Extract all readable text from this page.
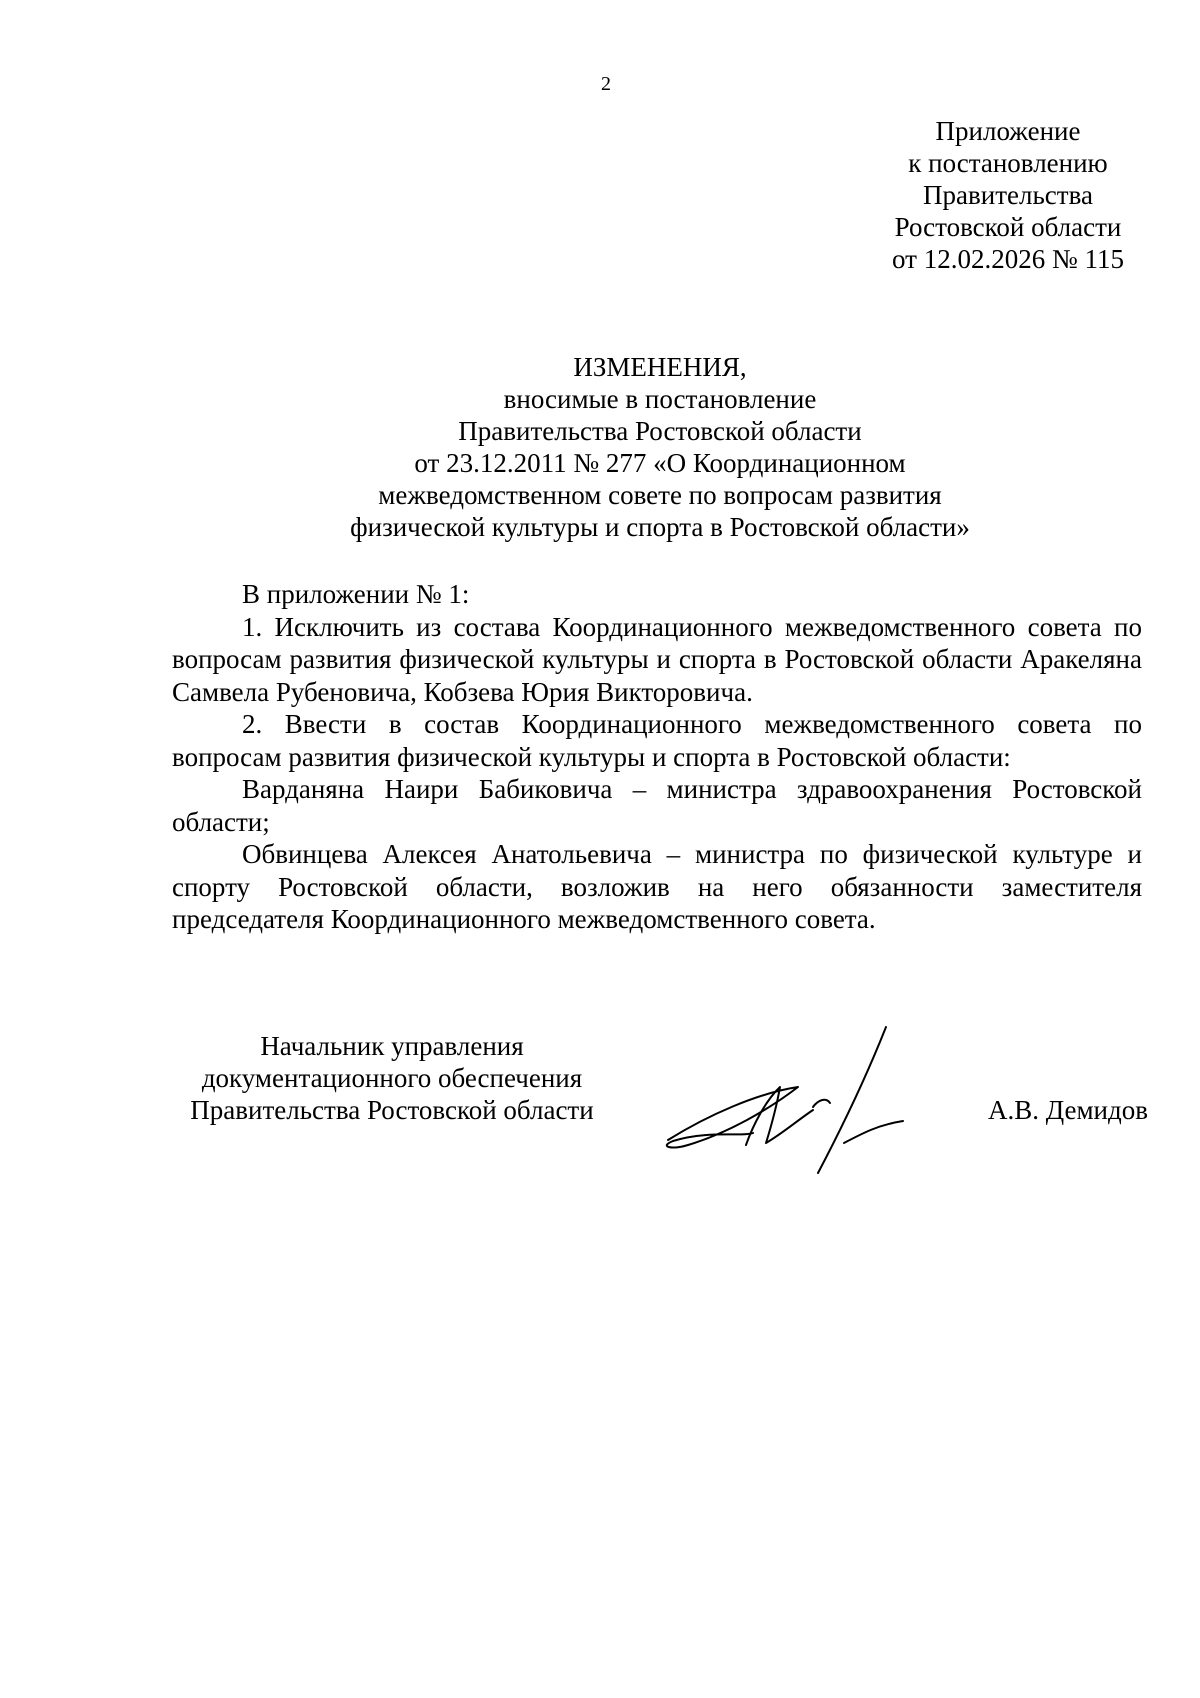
2

Приложение
к постановлению
Правительства
Ростовской области
от 12.02.2026 № 115
ИЗМЕНЕНИЯ,
вносимые в постановление
Правительства Ростовской области
от 23.12.2011 № 277 «О Координационном
межведомственном совете по вопросам развития
физической культуры и спорта в Ростовской области»

В приложении № 1:

1. Исключить из состава Координационного межведомственного совета по вопросам развития физической культуры и спорта в Ростовской области Аракеляна Самвела Рубеновича, Кобзева Юрия Викторовича.

2. Ввести в состав Координационного межведомственного совета по вопросам развития физической культуры и спорта в Ростовской области:

Варданяна Наири Бабиковича – министра здравоохранения Ростовской области;

Обвинцева Алексея Анатольевича – министра по физической культуре и спорту Ростовской области, возложив на него обязанности заместителя председателя Координационного межведомственного совета.

Начальник управления
документационного обеспечения
Правительства Ростовской области	А.В. Демидов
